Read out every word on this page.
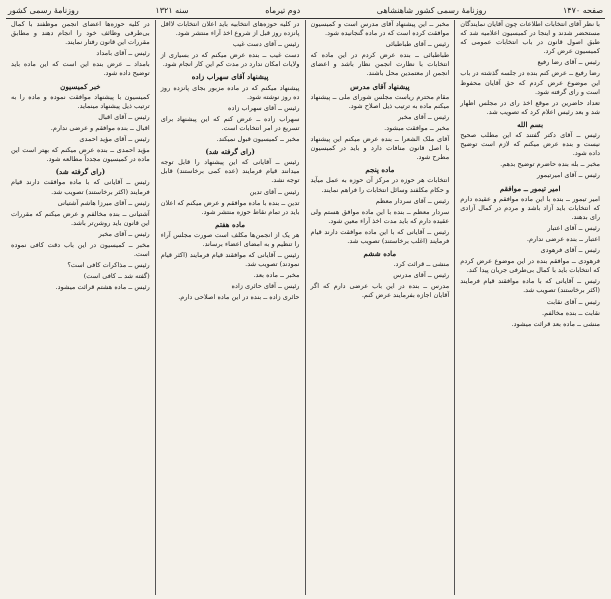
صفحه ۱۴۷۰
روزنامه‌ٔ رسمی کشور شاهنشاهی
دوم تیرماه
سنه ۱۳۲۱
روزنامه‌ٔ رسمی کشور

با نظر آقای انتخابات اطلاعات چون آقایان نمایندگان مستحضر شدند و اینجا در کمیسیون اعلامیه شد که طبق اصول قانون در باب انتخابات عمومی که کمیسیون عرض کرد.

رئیس ــ آقای رضا رفیع

رضا رفیع ــ عرض کنم بنده در جلسه گذشته در باب این موضوع عرض کردم که حق آقایان محفوظ است و رای گرفته شود.

تعداد حاضرین در موقع اخذ رای در مجلس اظهار شد و بعد رئیس اعلام کرد که تصویب شد.

بسم الله

رئیس ــ آقای دکتر گفتند که این مطلب صحیح نیست و بنده عرض میکنم که لازم است توضیح داده شود.

مخبر ــ بله بنده حاضرم توضیح بدهم.

رئیس ــ آقای امیرتیمور

امیر تیمور ــ موافقم

امیر تیمور ــ بنده با این ماده موافقم و عقیده دارم که انتخابات باید آزاد باشد و مردم در کمال آزادی رای بدهند.

رئیس ــ آقای اعتبار

اعتبار ــ بنده عرضی ندارم.

رئیس ــ آقای فرهودی

فرهودی ــ موافقم بنده در این موضوع عرض کردم که انتخابات باید با کمال بی‌طرفی جریان پیدا کند.

رئیس ــ آقایانی که با ماده موافقند قیام فرمایند (اکثر برخاستند) تصویب شد.

رئیس ــ آقای نقابت

نقابت ــ بنده مخالفم.

منشی ــ ماده بعد قرائت میشود.

مخبر ــ این پیشنهاد آقای مدرس است و کمیسیون موافقت کرده است که در ماده گنجانیده شود.

رئیس ــ آقای طباطبائی

طباطبائی ــ بنده عرض کردم در این ماده که انتخابات با نظارت انجمن نظار باشد و اعضای انجمن از معتمدین محل باشند.

پیشنهاد آقای مدرس

مقام محترم ریاست مجلس شورای ملی ــ پیشنهاد میکنم ماده به ترتیب ذیل اصلاح شود.

رئیس ــ آقای مخبر

مخبر ــ موافقت میشود.

آقای ملک الشعرا ــ بنده عرض میکنم این پیشنهاد با اصل قانون منافات دارد و باید در کمیسیون مطرح شود.

ماده پنجم

انتخابات هر حوزه در مرکز آن حوزه به عمل میآید و حکام مکلفند وسائل انتخابات را فراهم نمایند.

رئیس ــ آقای سردار معظم

سردار معظم ــ بنده با این ماده موافق هستم ولی عقیده دارم که باید مدت اخذ آراء معین شود.

رئیس ــ آقایانی که با این ماده موافقت دارند قیام فرمایند (اغلب برخاستند) تصویب شد.

ماده ششم

منشی ــ قرائت کرد.

رئیس ــ آقای مدرس

مدرس ــ بنده در این باب عرضی دارم که اگر آقایان اجازه بفرمایند عرض کنم.

در کلیه حوزه‌های انتخابیه باید اعلان انتخابات لااقل پانزده روز قبل از شروع اخذ آراء منتشر شود.

رئیس ــ آقای دست غیب

دست غیب ــ بنده عرض میکنم که در بسیاری از ولایات امکان ندارد در مدت کم این کار انجام شود.

پیشنهاد آقای سهراب زاده

پیشنهاد میکنم که در ماده مزبور بجای پانزده روز ده روز نوشته شود.

رئیس ــ آقای سهراب زاده

سهراب زاده ــ عرض کنم که این پیشنهاد برای تسریع در امر انتخابات است.

مخبر ــ کمیسیون قبول نمیکند.

(رای گرفته شد)

رئیس ــ آقایانی که این پیشنهاد را قابل توجه میدانند قیام فرمایند (عده کمی برخاستند) قابل توجه نشد.

رئیس ــ آقای تدین

تدین ــ بنده با ماده موافقم و عرض میکنم که اعلان باید در تمام نقاط حوزه منتشر شود.

ماده هفتم

هر یک از انجمن‌ها مکلف است صورت مجلس آراء را تنظیم و به امضای اعضاء برساند.

رئیس ــ آقایانی که موافقند قیام فرمایند (اکثر قیام نمودند) تصویب شد.

مخبر ــ ماده بعد.

رئیس ــ آقای حائری زاده

حائری زاده ــ بنده در این ماده اصلاحی دارم.

در کلیه حوزه‌ها اعضای انجمن موظفند با کمال بی‌طرفی وظائف خود را انجام دهند و مطابق مقررات این قانون رفتار نمایند.

رئیس ــ آقای بامداد

بامداد ــ عرض بنده این است که این ماده باید توضیح داده شود.

خبر کمیسیون

کمیسیون با پیشنهاد موافقت نموده و ماده را به ترتیب ذیل پیشنهاد مینماید.

رئیس ــ آقای اقبال

اقبال ــ بنده موافقم و عرضی ندارم.

رئیس ــ آقای مؤید احمدی

مؤید احمدی ــ بنده عرض میکنم که بهتر است این ماده در کمیسیون مجدداً مطالعه شود.

(رای گرفته شد)

رئیس ــ آقایانی که با ماده موافقت دارند قیام فرمایند (اکثر برخاستند) تصویب شد.

رئیس ــ آقای میرزا هاشم آشتیانی

آشتیانی ــ بنده مخالفم و عرض میکنم که مقررات این قانون باید روشن‌تر باشد.

رئیس ــ آقای مخبر

مخبر ــ کمیسیون در این باب دقت کافی نموده است.

رئیس ــ مذاکرات کافی است؟

(گفته شد ــ کافی است)

رئیس ــ ماده هشتم قرائت میشود.
